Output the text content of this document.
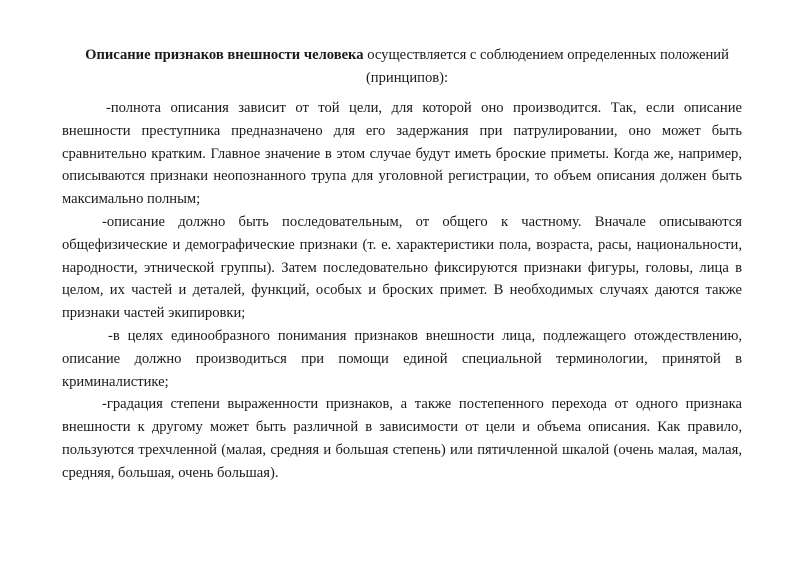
Описание признаков внешности человека осуществляется с соблюдением определенных положений (принципов):

-полнота описания зависит от той цели, для которой оно производится. Так, если описание внешности преступника предназначено для его задержания при патрулировании, оно может быть сравнительно кратким. Главное значение в этом случае будут иметь броские приметы. Когда же, например, описываются признаки неопознанного трупа для уголовной регистрации, то объем описания должен быть максимально полным;

-описание должно быть последовательным, от общего к частному. Вначале описываются общефизические и демографические признаки (т. е. характеристики пола, возраста, расы, национальности, народности, этнической группы). Затем последовательно фиксируются признаки фигуры, головы, лица в целом, их частей и деталей, функций, особых и броских примет. В необходимых случаях даются также признаки частей экипировки;

-в целях единообразного понимания признаков внешности лица, подлежащего отождествлению, описание должно производиться при помощи единой специальной терминологии, принятой в криминалистике;

-градация степени выраженности признаков, а также постепенного перехода от одного признака внешности к другому может быть различной в зависимости от цели и объема описания. Как правило, пользуются трехчленной (малая, средняя и большая степень) или пятичленной шкалой (очень малая, малая, средняя, большая, очень большая).
